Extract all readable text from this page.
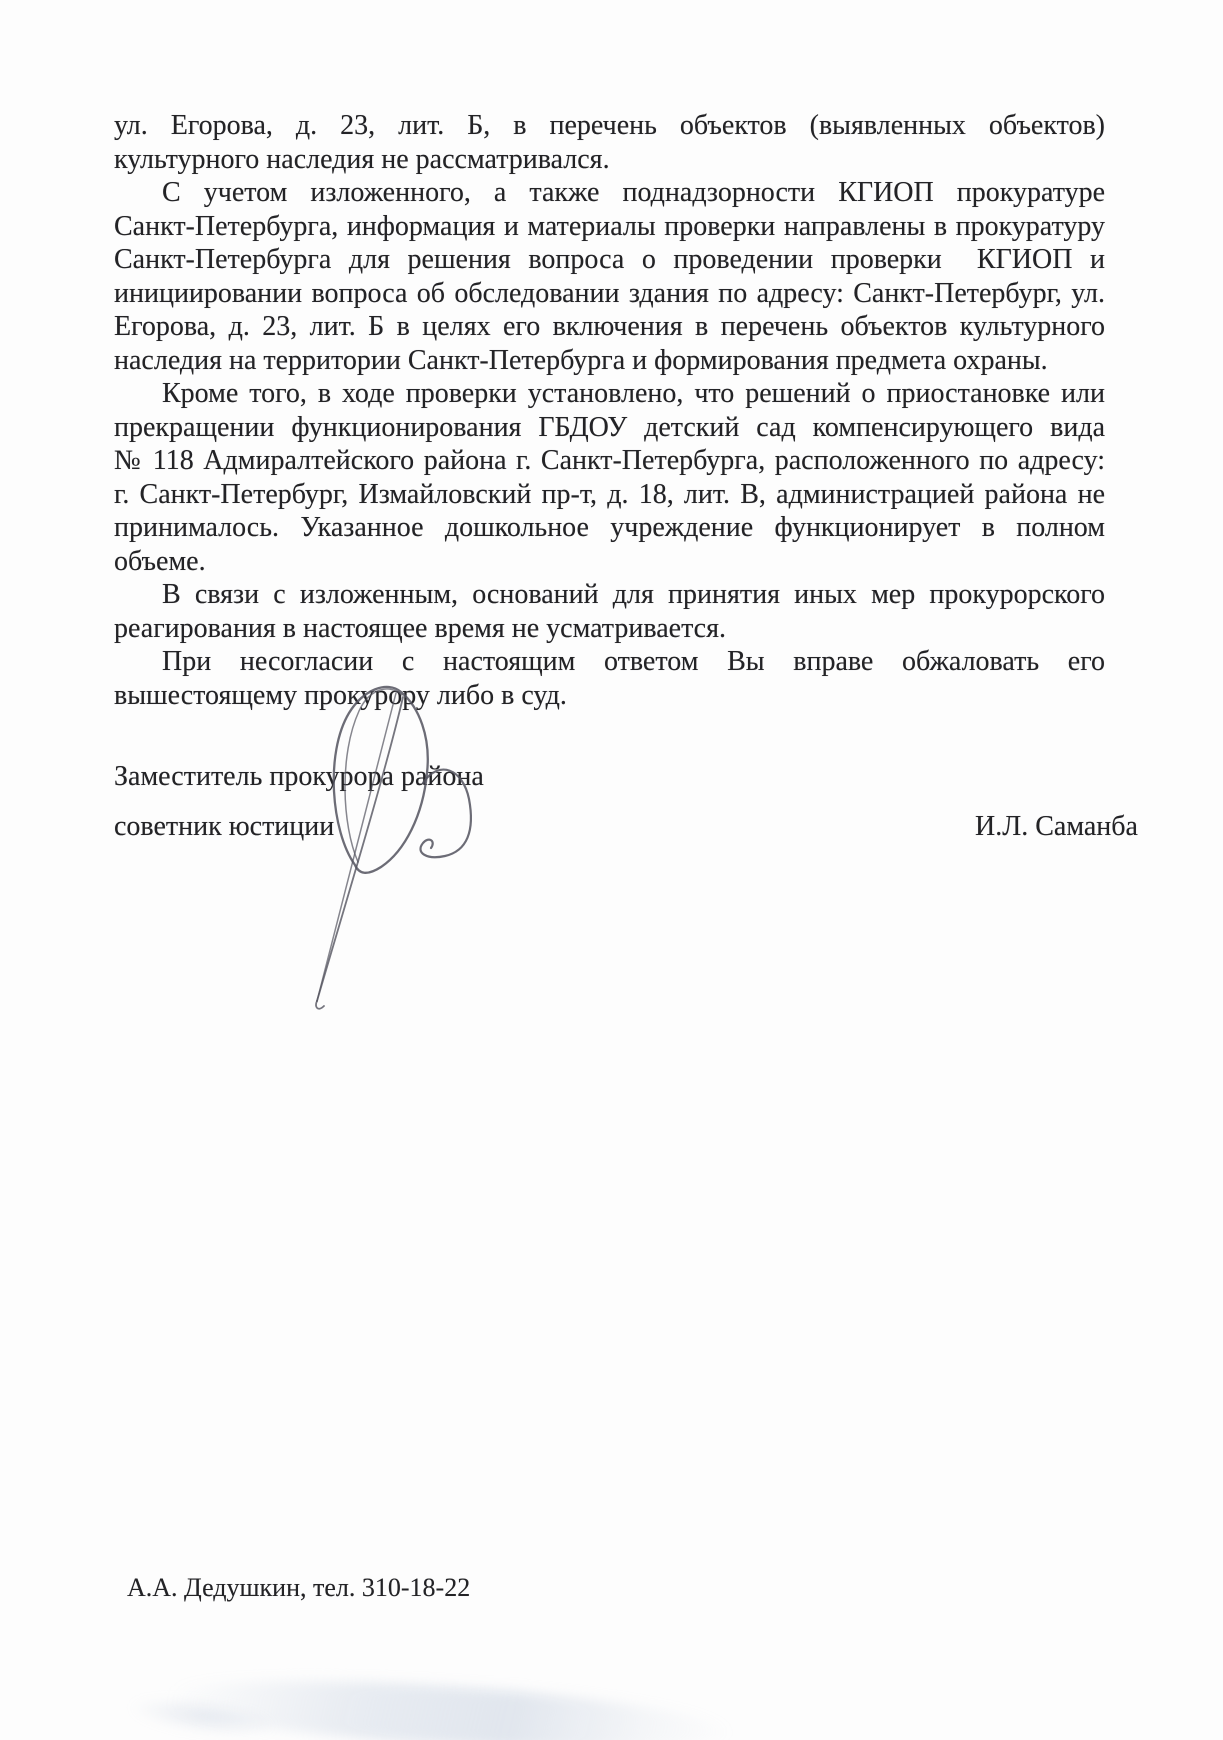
ул. Егорова, д. 23, лит. Б, в перечень объектов (выявленных объектов)
культурного наследия не рассматривался.
С учетом изложенного, а также поднадзорности КГИОП прокуратуре
Санкт-Петербурга, информация и материалы проверки направлены в прокуратуру
Санкт-Петербурга для решения вопроса о проведении проверки  КГИОП и
инициировании вопроса об обследовании здания по адресу: Санкт-Петербург, ул.
Егорова, д. 23, лит. Б в целях его включения в перечень объектов культурного
наследия на территории Санкт-Петербурга и формирования предмета охраны.
Кроме того, в ходе проверки установлено, что решений о приостановке или
прекращении функционирования ГБДОУ детский сад компенсирующего вида
№ 118 Адмиралтейского района г. Санкт-Петербурга, расположенного по адресу:
г. Санкт-Петербург, Измайловский пр-т, д. 18, лит. В, администрацией района не
принималось. Указанное дошкольное учреждение функционирует в полном
объеме.
В связи с изложенным, оснований для принятия иных мер прокурорского
реагирования в настоящее время не усматривается.
При несогласии с настоящим ответом Вы вправе обжаловать его
вышестоящему прокурору либо в суд.
Заместитель прокурора района
советник юстиции	И.Л. Саманба
А.А. Дедушкин, тел. 310-18-22
